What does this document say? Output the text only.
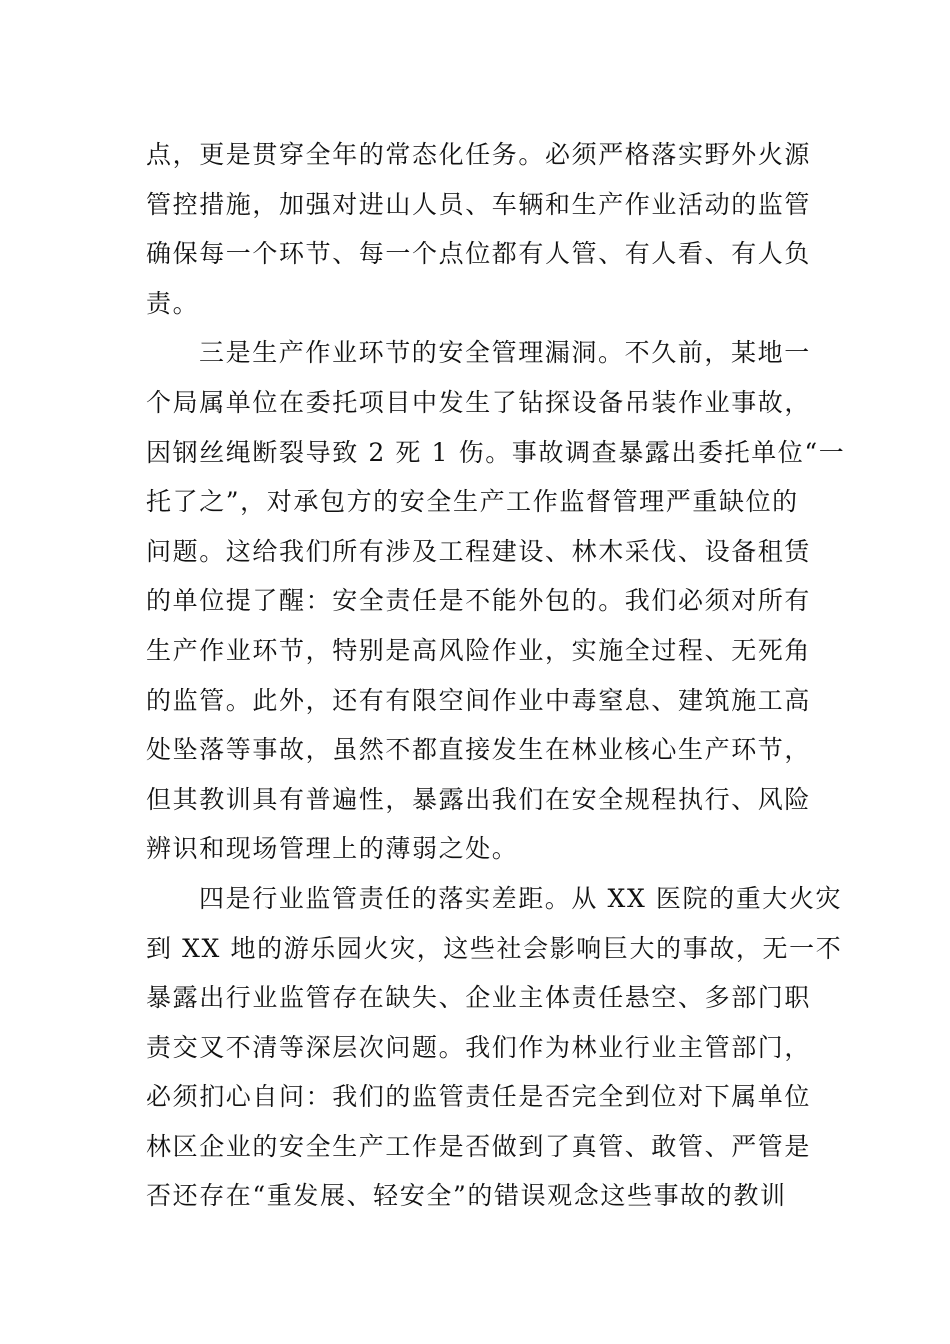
点，更是贯穿全年的常态化任务。必须严格落实野外火源
管控措施，加强对进山人员、车辆和生产作业活动的监管
确保每一个环节、每一个点位都有人管、有人看、有人负
责。
三是生产作业环节的安全管理漏洞。不久前，某地一
个局属单位在委托项目中发生了钻探设备吊装作业事故，
因钢丝绳断裂导致 2 死 1 伤。事故调查暴露出委托单位“一
托了之”，对承包方的安全生产工作监督管理严重缺位的
问题。这给我们所有涉及工程建设、林木采伐、设备租赁
的单位提了醒：安全责任是不能外包的。我们必须对所有
生产作业环节，特别是高风险作业，实施全过程、无死角
的监管。此外，还有有限空间作业中毒窒息、建筑施工高
处坠落等事故，虽然不都直接发生在林业核心生产环节，
但其教训具有普遍性，暴露出我们在安全规程执行、风险
辨识和现场管理上的薄弱之处。
四是行业监管责任的落实差距。从 XX 医院的重大火灾
到 XX 地的游乐园火灾，这些社会影响巨大的事故，无一不
暴露出行业监管存在缺失、企业主体责任悬空、多部门职
责交叉不清等深层次问题。我们作为林业行业主管部门，
必须扪心自问：我们的监管责任是否完全到位对下属单位
林区企业的安全生产工作是否做到了真管、敢管、严管是
否还存在“重发展、轻安全”的错误观念这些事故的教训
